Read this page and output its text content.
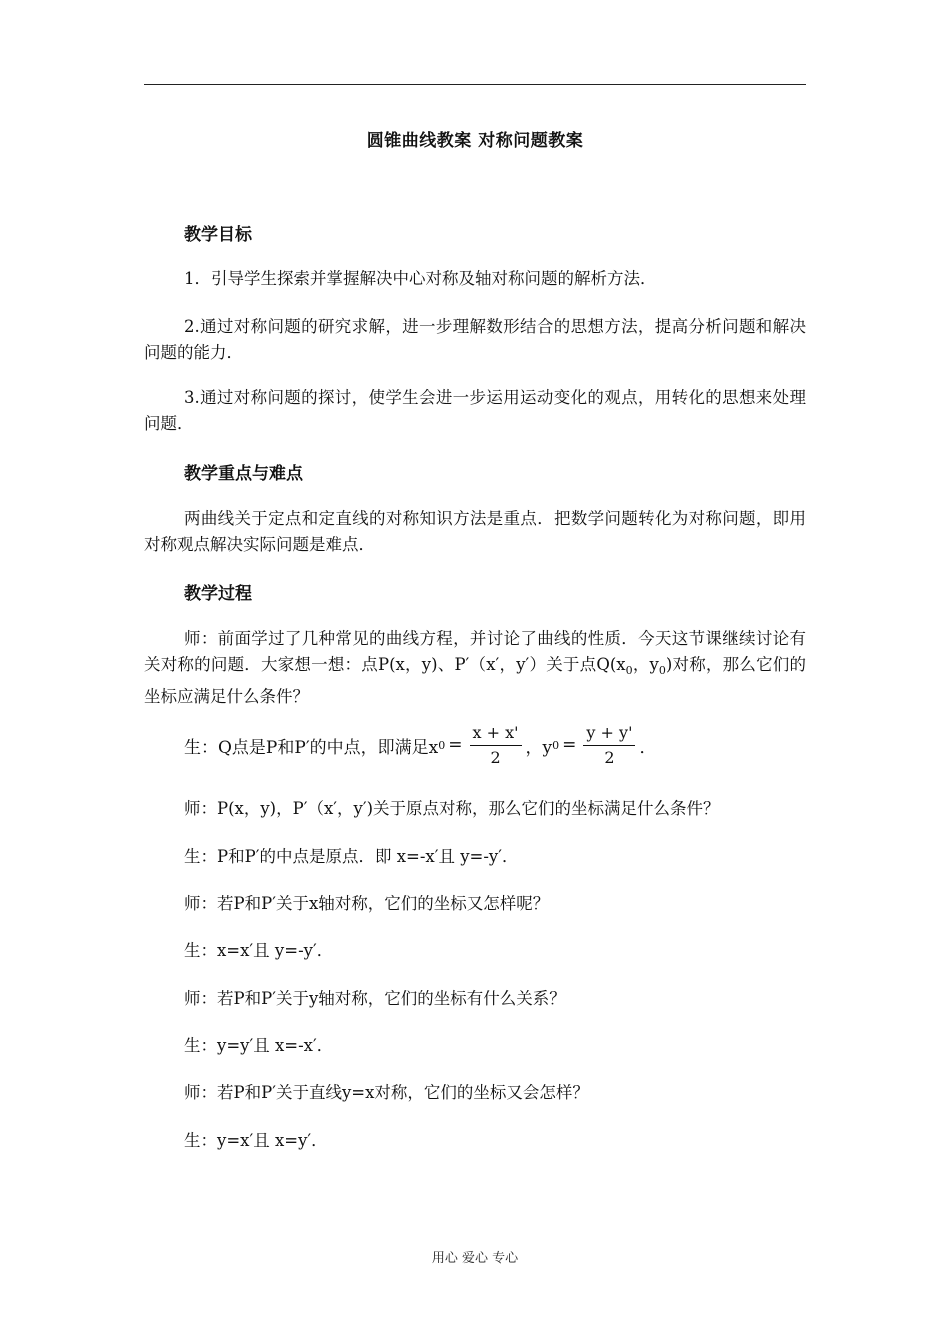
圆锥曲线教案 对称问题教案
教学目标
1．引导学生探索并掌握解决中心对称及轴对称问题的解析方法．
2.通过对称问题的研究求解，进一步理解数形结合的思想方法，提高分析问题和解决问题的能力．
3.通过对称问题的探讨，使学生会进一步运用运动变化的观点，用转化的思想来处理问题．
教学重点与难点
两曲线关于定点和定直线的对称知识方法是重点．把数学问题转化为对称问题，即用对称观点解决实际问题是难点．
教学过程
师：前面学过了几种常见的曲线方程，并讨论了曲线的性质．今天这节课继续讨论有关对称的问题．大家想一想：点P(x，y)、P′（x′，y′）关于点$Q(x_0$，$y_0$)对称，那么它们的坐标应满足什么条件？
生：Q点是P和P′的中点，即满足x $0 = \frac{x + x'}{2}$ ，y $0 = \frac{y + y'}{2}$ ．
师：P(x，y)，P′（x′，y′)关于原点对称，那么它们的坐标满足什么条件？
生：P和P′的中点是原点．即 x=-x′且 y=-y′．
师：若P和P′关于x轴对称，它们的坐标又怎样呢？
生：x=x′且 y=-y′．
师：若P和P′关于y轴对称，它们的坐标有什么关系？
生：y=y′且 x=-x′．
师：若P和P′关于直线y=x对称，它们的坐标又会怎样？
生：y=x′且 x=y′．
用心 爱心 专心
